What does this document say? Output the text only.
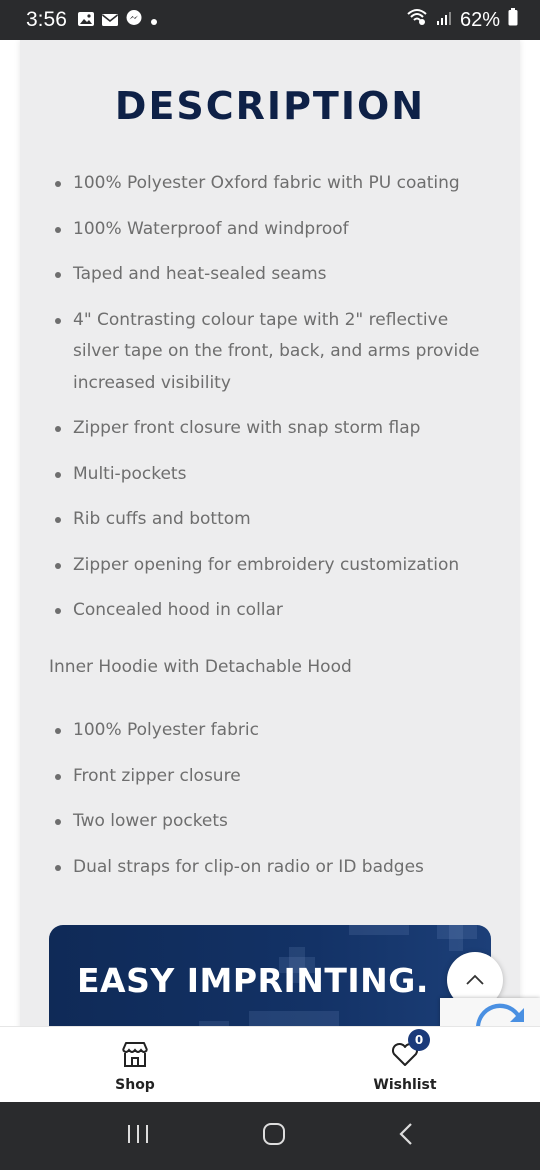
3:56	62%
DESCRIPTION
100% Polyester Oxford fabric with PU coating
100% Waterproof and windproof
Taped and heat-sealed seams
4" Contrasting colour tape with 2" reflective silver tape on the front, back, and arms provide increased visibility
Zipper front closure with snap storm flap
Multi-pockets
Rib cuffs and bottom
Zipper opening for embroidery customization
Concealed hood in collar

Inner Hoodie with Detachable Hood

100% Polyester fabric
Front zipper closure
Two lower pockets
Dual straps for clip-on radio or ID badges
EASY IMPRINTING.
Shop
0
Wishlist
